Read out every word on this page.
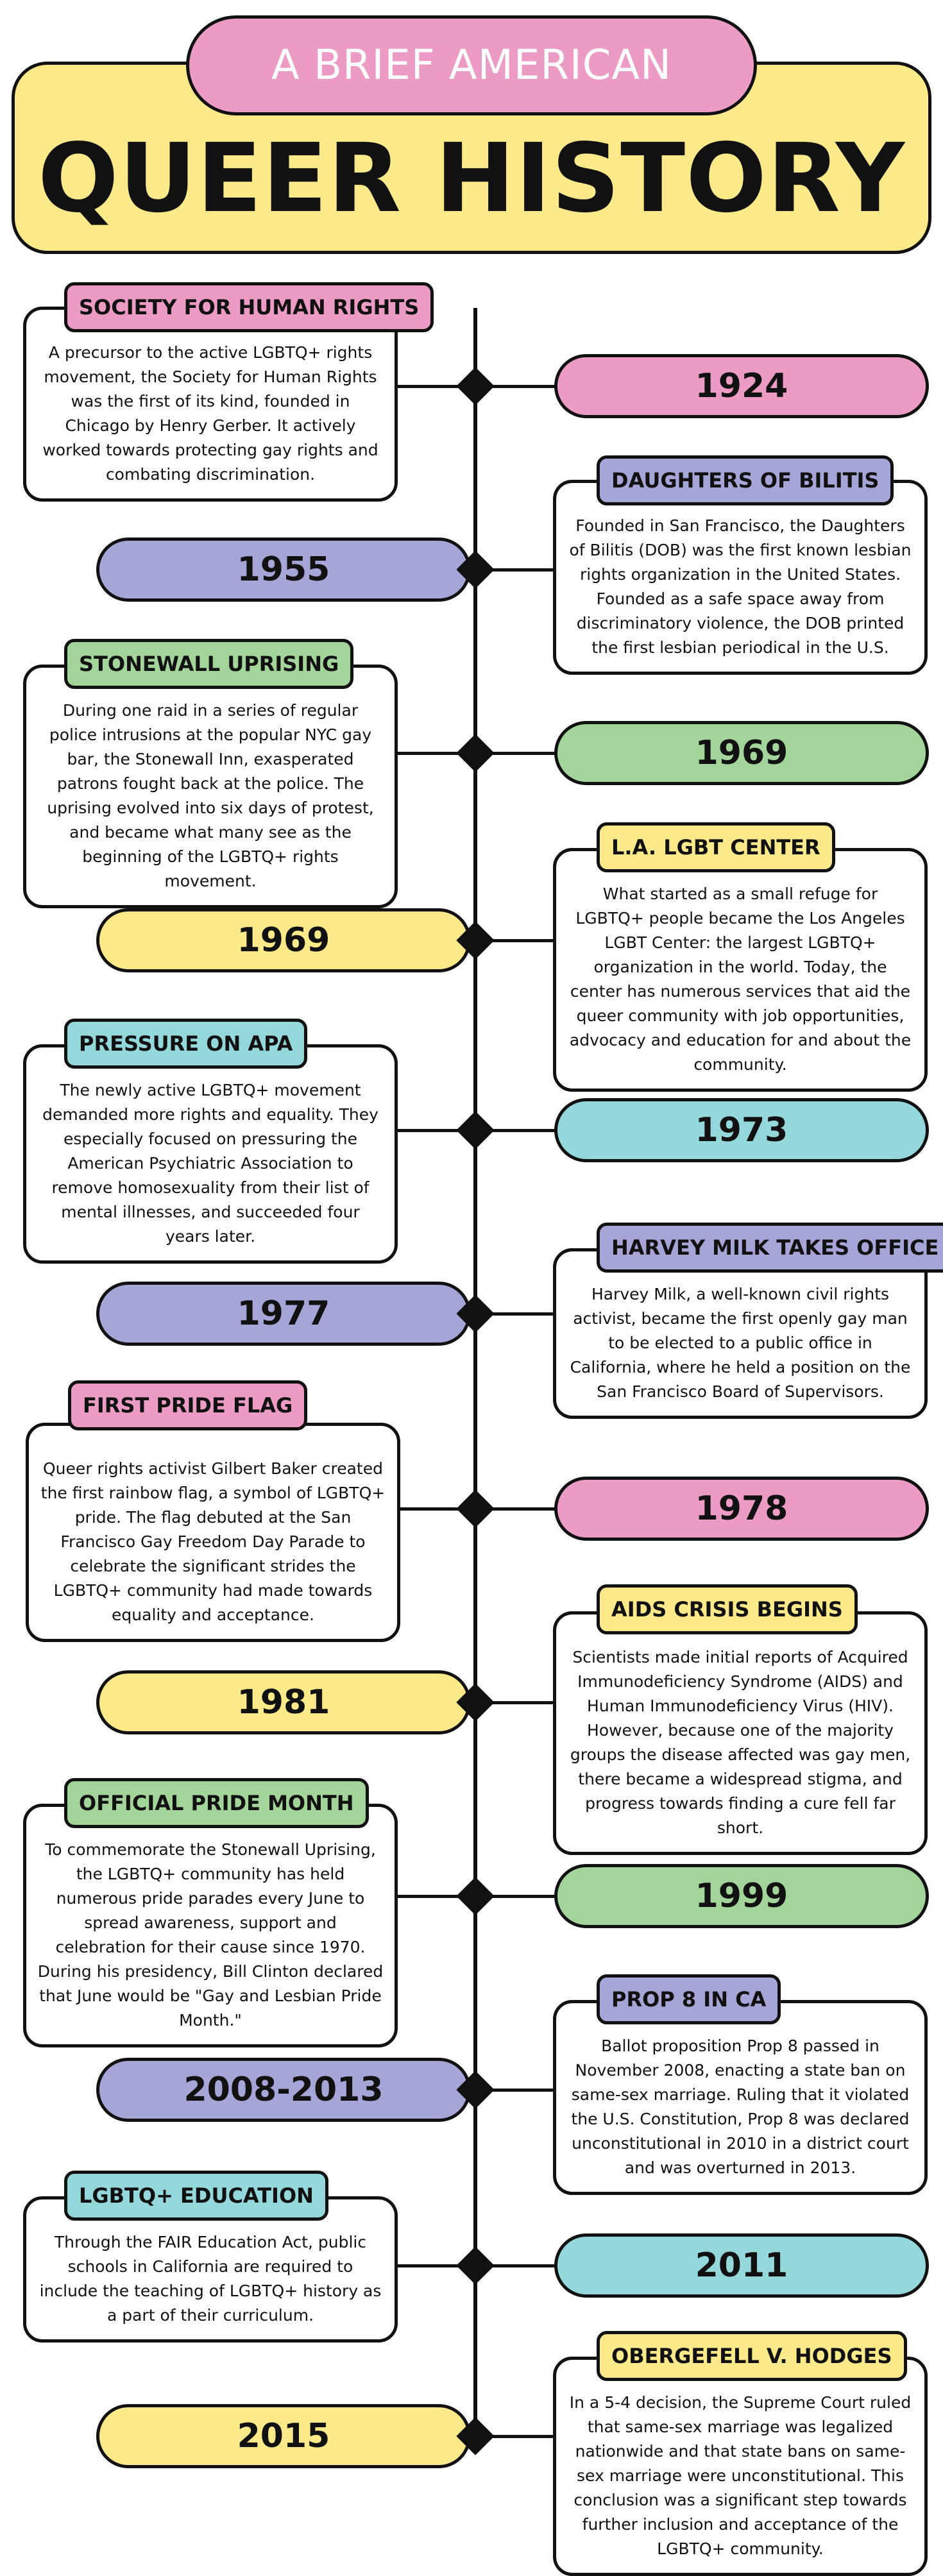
QUEER HISTORY
A BRIEF AMERICAN
A precursor to the active LGBTQ+ rights movement, the Society for Human Rights was the first of its kind, founded in Chicago by Henry Gerber. It actively worked towards protecting gay rights and combating discrimination.
SOCIETY FOR HUMAN RIGHTS
1924
1955
Founded in San Francisco, the Daughters of Bilitis (DOB) was the first known lesbian rights organization in the United States. Founded as a safe space away from discriminatory violence, the DOB printed the first lesbian periodical in the U.S.
DAUGHTERS OF BILITIS
During one raid in a series of regular police intrusions at the popular NYC gay bar, the Stonewall Inn, exasperated patrons fought back at the police. The uprising evolved into six days of protest, and became what many see as the beginning of the LGBTQ+ rights movement.
STONEWALL UPRISING
1969
1969
What started as a small refuge for LGBTQ+ people became the Los Angeles LGBT Center: the largest LGBTQ+ organization in the world. Today, the center has numerous services that aid the queer community with job opportunities, advocacy and education for and about the community.
L.A. LGBT CENTER
The newly active LGBTQ+ movement demanded more rights and equality. They especially focused on pressuring the American Psychiatric Association to remove homosexuality from their list of mental illnesses, and succeeded four years later.
PRESSURE ON APA
1973
1977
Harvey Milk, a well-known civil rights activist, became the first openly gay man to be elected to a public office in California, where he held a position on the San Francisco Board of Supervisors.
HARVEY MILK TAKES OFFICE
Queer rights activist Gilbert Baker created the first rainbow flag, a symbol of LGBTQ+ pride. The flag debuted at the San Francisco Gay Freedom Day Parade to celebrate the significant strides the LGBTQ+ community had made towards equality and acceptance.
FIRST PRIDE FLAG
1978
1981
Scientists made initial reports of Acquired Immunodeficiency Syndrome (AIDS) and Human Immunodeficiency Virus (HIV). However, because one of the majority groups the disease affected was gay men, there became a widespread stigma, and progress towards finding a cure fell far short.
AIDS CRISIS BEGINS
To commemorate the Stonewall Uprising, the LGBTQ+ community has held numerous pride parades every June to spread awareness, support and celebration for their cause since 1970. During his presidency, Bill Clinton declared that June would be "Gay and Lesbian Pride Month."
OFFICIAL PRIDE MONTH
1999
2008-2013
Ballot proposition Prop 8 passed in November 2008, enacting a state ban on same-sex marriage. Ruling that it violated the U.S. Constitution, Prop 8 was declared unconstitutional in 2010 in a district court and was overturned in 2013.
PROP 8 IN CA
Through the FAIR Education Act, public schools in California are required to include the teaching of LGBTQ+ history as a part of their curriculum.
LGBTQ+ EDUCATION
2011
2015
In a 5-4 decision, the Supreme Court ruled that same-sex marriage was legalized nationwide and that state bans on same-sex marriage were unconstitutional. This conclusion was a significant step towards further inclusion and acceptance of the LGBTQ+ community.
OBERGEFELL V. HODGES
